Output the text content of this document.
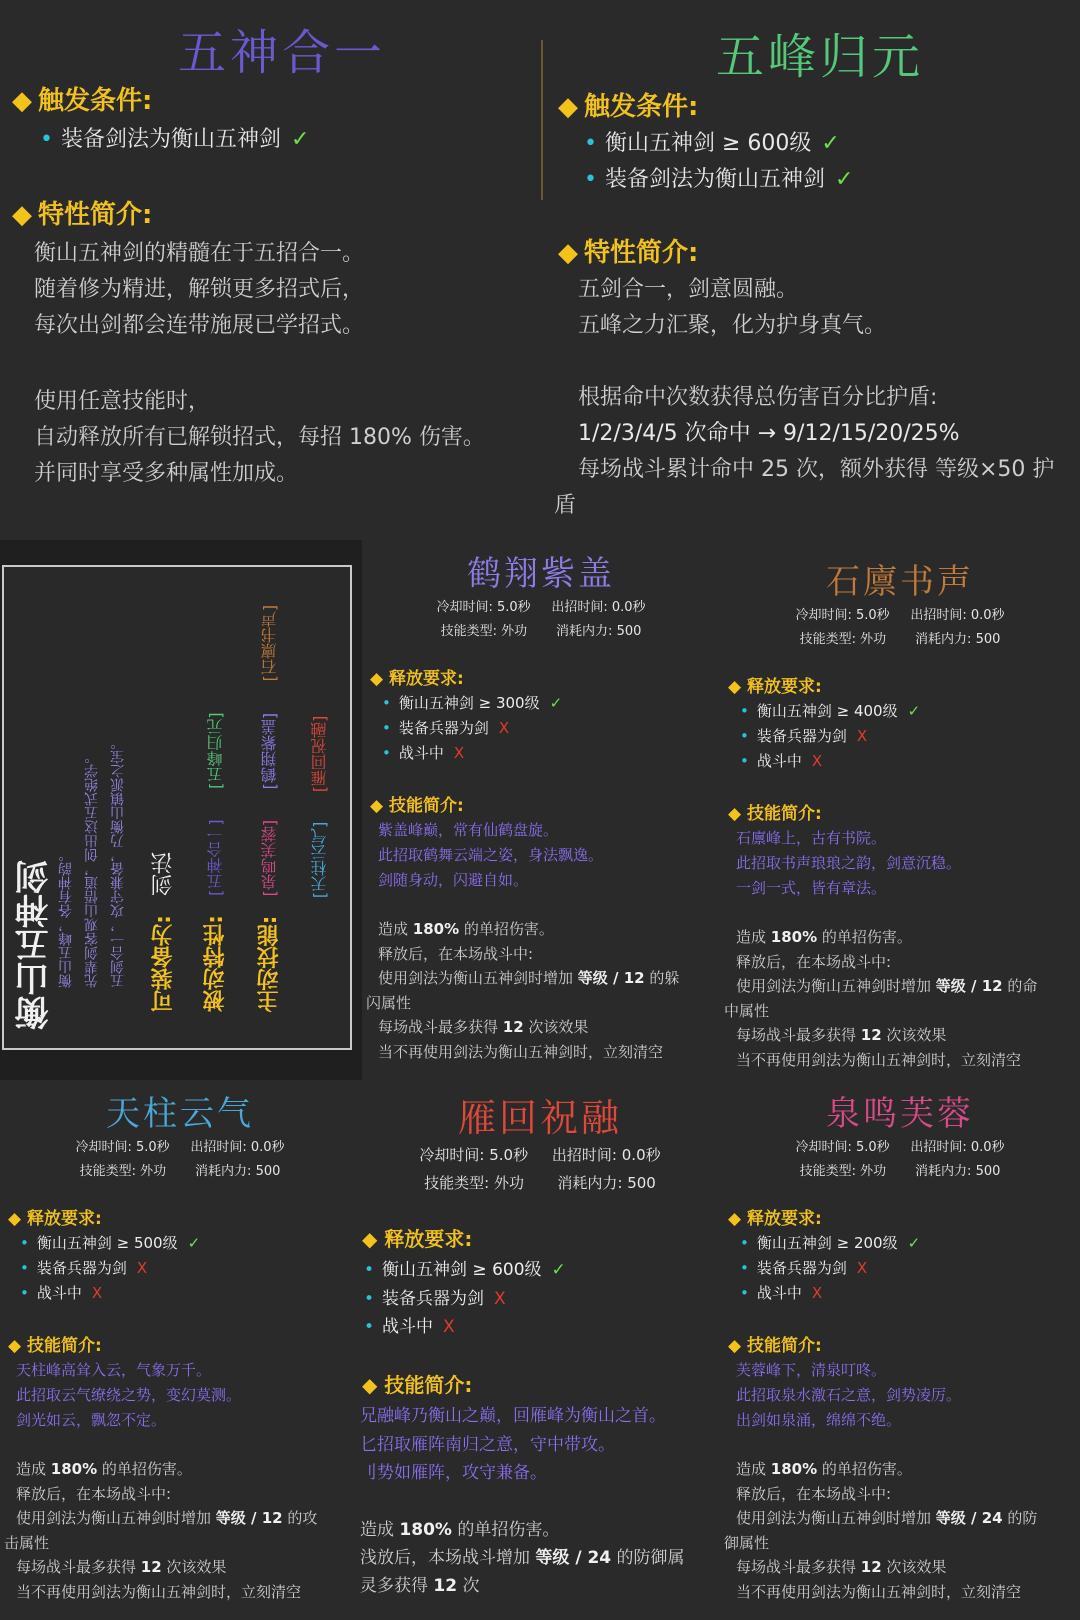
五神合一
◆ 触发条件:
• 装备剑法为衡山五神剑 ✓
◆ 特性简介:
衡山五神剑的精髓在于五招合一。
随着修为精进，解锁更多招式后，
每次出剑都会连带施展已学招式。
使用任意技能时，
自动释放所有已解锁招式，每招 180% 伤害。
并同时享受多种属性加成。
五峰归元
◆ 触发条件:
• 衡山五神剑 ≥ 600级 ✓
• 装备剑法为衡山五神剑 ✓
◆ 特性简介:
五剑合一，剑意圆融。
五峰之力汇聚，化为护身真气。
根据命中次数获得总伤害百分比护盾:
1/2/3/4/5 次命中 → 9/12/15/20/25%
每场战斗累计命中 25 次，额外获得 等级×50 护
盾
衡山五神剑 衡山五峰，各有神韵。 先辈剑客观山悟道，创出这五式绝学。 五剑合一，攻守兼备，乃衡山镇派之宝。 可装备为: 剑法
被动特性: [五神合一] [五峰归元]
主动技能: [泉鸣芙蓉] [鹤翔紫盖] [石廪书声]
[天柱云气] [雁回祝融]
鹤翔紫盖
冷却时间: 5.0秒     出招时间: 0.0秒
技能类型: 外功       消耗内力: 500
◆ 释放要求:
• 衡山五神剑 ≥ 300级 ✓
• 装备兵器为剑 X
• 战斗中 X
◆ 技能简介:
紫盖峰巅，常有仙鹤盘旋。
此招取鹤舞云端之姿，身法飘逸。
剑随身动，闪避自如。
造成 180% 的单招伤害。
释放后，在本场战斗中:
使用剑法为衡山五神剑时增加 等级 / 12 的躲
闪属性
每场战斗最多获得 12 次该效果
当不再使用剑法为衡山五神剑时，立刻清空
石廪书声
冷却时间: 5.0秒     出招时间: 0.0秒
技能类型: 外功       消耗内力: 500
◆ 释放要求:
• 衡山五神剑 ≥ 400级 ✓
• 装备兵器为剑 X
• 战斗中 X
◆ 技能简介:
石廪峰上，古有书院。
此招取书声琅琅之韵，剑意沉稳。
一剑一式，皆有章法。
造成 180% 的单招伤害。
释放后，在本场战斗中:
使用剑法为衡山五神剑时增加 等级 / 12 的命
中属性
每场战斗最多获得 12 次该效果
当不再使用剑法为衡山五神剑时，立刻清空
天柱云气
冷却时间: 5.0秒     出招时间: 0.0秒
技能类型: 外功       消耗内力: 500
◆ 释放要求:
• 衡山五神剑 ≥ 500级 ✓
• 装备兵器为剑 X
• 战斗中 X
◆ 技能简介:
天柱峰高耸入云，气象万千。
此招取云气缭绕之势，变幻莫测。
剑光如云，飘忽不定。
造成 180% 的单招伤害。
释放后，在本场战斗中:
使用剑法为衡山五神剑时增加 等级 / 12 的攻
击属性
每场战斗最多获得 12 次该效果
当不再使用剑法为衡山五神剑时，立刻清空
雁回祝融
冷却时间: 5.0秒     出招时间: 0.0秒
技能类型: 外功       消耗内力: 500
◆ 释放要求:
• 衡山五神剑 ≥ 600级 ✓
• 装备兵器为剑 X
• 战斗中 X
◆ 技能简介:
兄融峰乃衡山之巅，回雁峰为衡山之首。
匕招取雁阵南归之意，守中带攻。
刂势如雁阵，攻守兼备。
造成 180% 的单招伤害。
浅放后，本场战斗增加 等级 / 24 的防御属
灵多获得 12 次
泉鸣芙蓉
冷却时间: 5.0秒     出招时间: 0.0秒
技能类型: 外功       消耗内力: 500
◆ 释放要求:
• 衡山五神剑 ≥ 200级 ✓
• 装备兵器为剑 X
• 战斗中 X
◆ 技能简介:
芙蓉峰下，清泉叮咚。
此招取泉水激石之意，剑势凌厉。
出剑如泉涌，绵绵不绝。
造成 180% 的单招伤害。
释放后，在本场战斗中:
使用剑法为衡山五神剑时增加 等级 / 24 的防
御属性
每场战斗最多获得 12 次该效果
当不再使用剑法为衡山五神剑时，立刻清空
